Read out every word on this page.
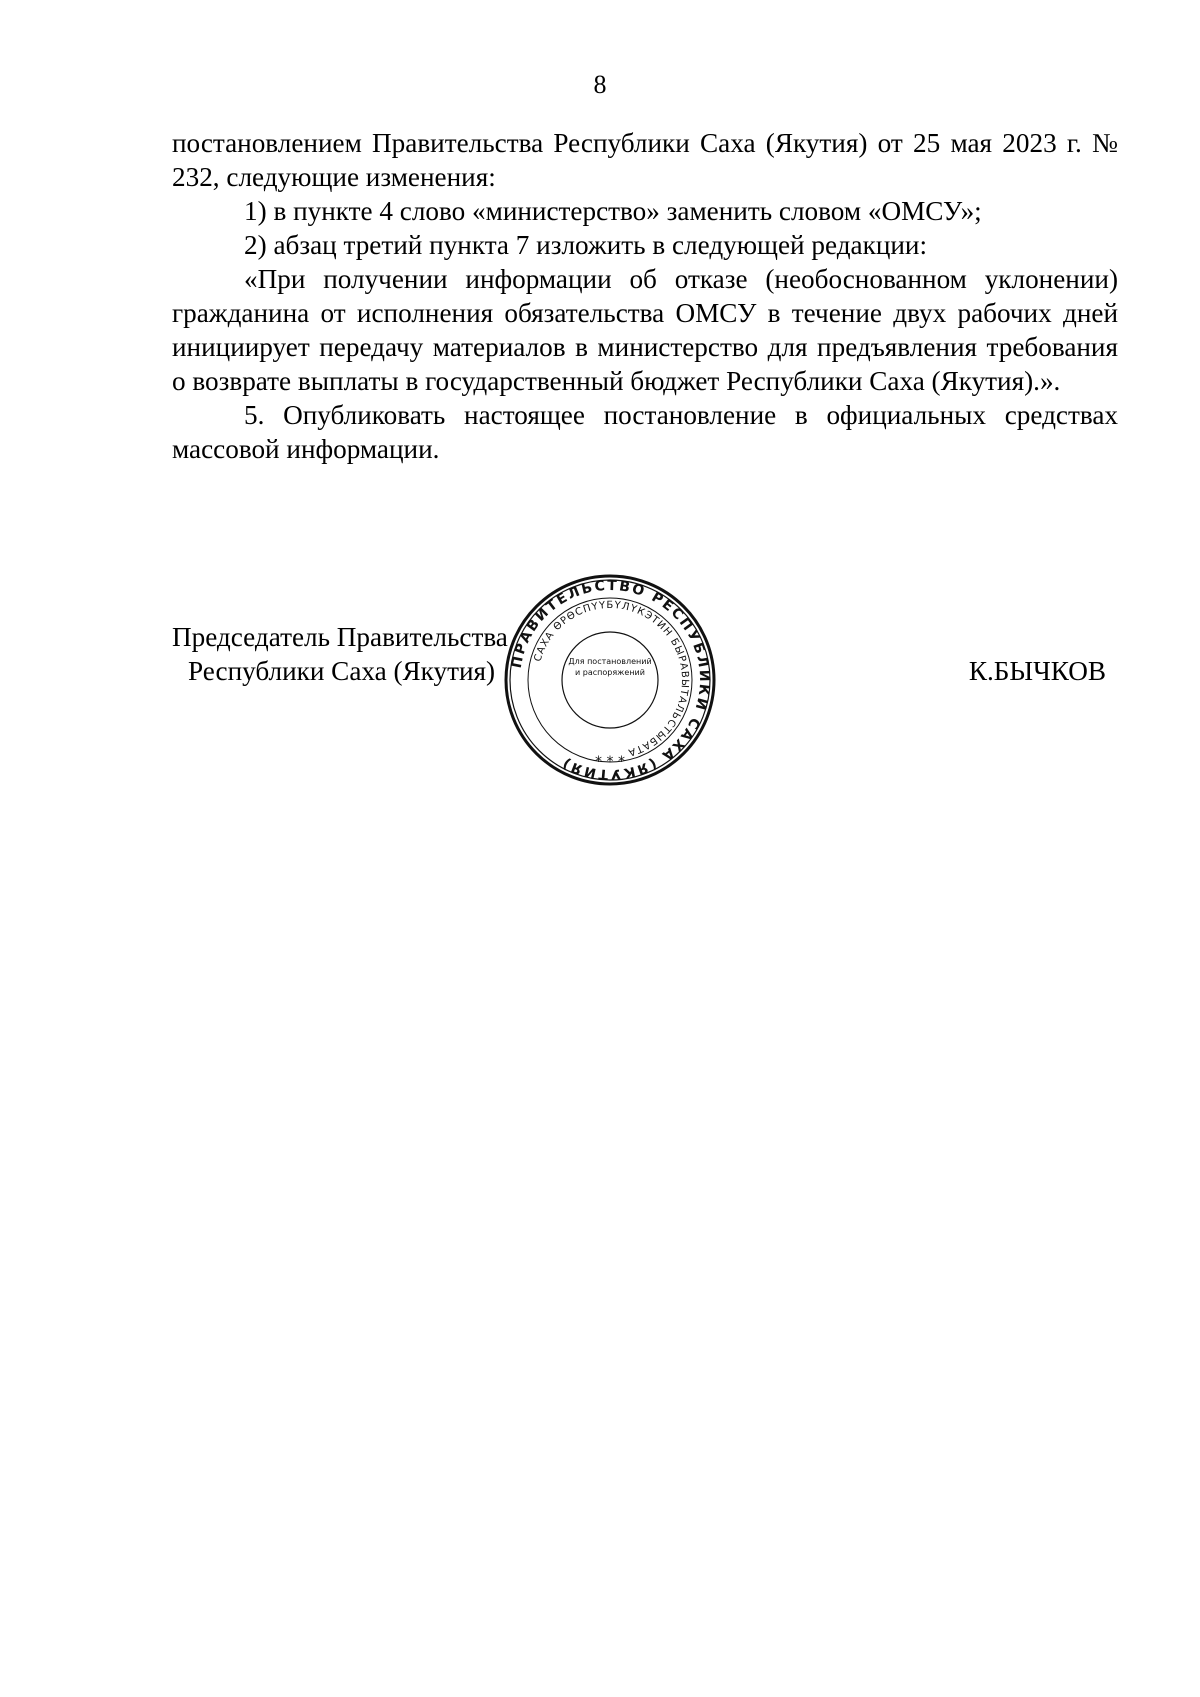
8

постановлением Правительства Республики Саха (Якутия) от 25 мая 2023 г. № 232, следующие изменения:

1) в пункте 4 слово «министерство» заменить словом «ОМСУ»;

2) абзац третий пункта 7 изложить в следующей редакции:

«При получении информации об отказе (необоснованном уклонении) гражданина от исполнения обязательства ОМСУ в течение двух рабочих дней инициирует передачу материалов в министерство для предъявления требования о возврате выплаты в государственный бюджет Республики Саха (Якутия).».

5. Опубликовать настоящее постановление в официальных средствах массовой информации.

Председатель Правительства
Республики Саха (Якутия)	К.БЫЧКОВ
ПРАВИТЕЛЬСТВО РЕСПУБЛИКИ САХА (ЯКУТИЯ)
САХА ӨРӨСПҮҮБҮЛҮКЭТИН БЫРАВЫТАЛЬСТЫБАТА
Для постановлений и распоряжений
* * *
